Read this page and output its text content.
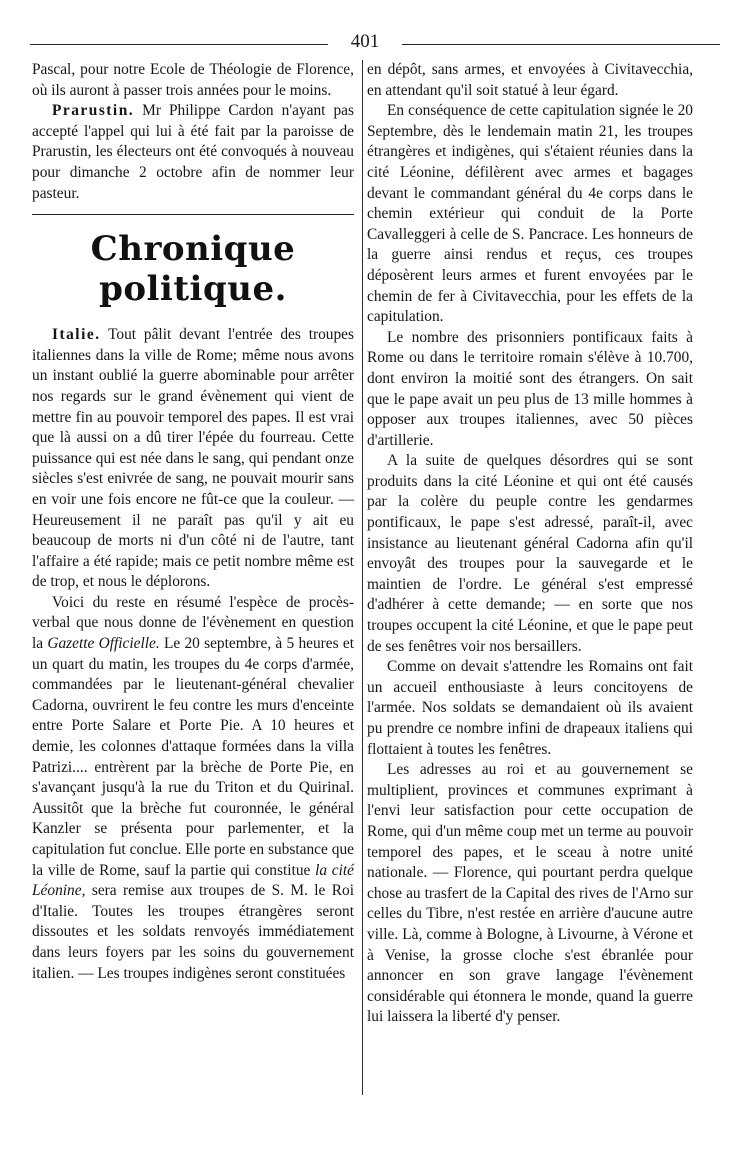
401

Pascal, pour notre Ecole de Théologie de Florence, où ils auront à passer trois années pour le moins.

Prarustin. Mr Philippe Cardon n'ayant pas accepté l'appel qui lui à été fait par la paroisse de Prarustin, les électeurs ont été convoqués à nouveau pour dimanche 2 octobre afin de nommer leur pasteur.

Chronique politique.

Italie. Tout pâlit devant l'entrée des troupes italiennes dans la ville de Rome; même nous avons un instant oublié la guerre abominable pour arrêter nos regards sur le grand évènement qui vient de mettre fin au pouvoir temporel des papes. Il est vrai que là aussi on a dû tirer l'épée du fourreau. Cette puissance qui est née dans le sang, qui pendant onze siècles s'est enivrée de sang, ne pouvait mourir sans en voir une fois encore ne fût-ce que la couleur. — Heureusement il ne paraît pas qu'il y ait eu beaucoup de morts ni d'un côté ni de l'autre, tant l'affaire a été rapide; mais ce petit nombre même est de trop, et nous le déplorons.

Voici du reste en résumé l'espèce de procès-verbal que nous donne de l'évènement en question la Gazette Officielle. Le 20 septembre, à 5 heures et un quart du matin, les troupes du 4e corps d'armée, commandées par le lieutenant-général chevalier Cadorna, ouvrirent le feu contre les murs d'enceinte entre Porte Salare et Porte Pie. A 10 heures et demie, les colonnes d'attaque formées dans la villa Patrizi.... entrèrent par la brèche de Porte Pie, en s'avançant jusqu'à la rue du Triton et du Quirinal. Aussitôt que la brèche fut couronnée, le général Kanzler se présenta pour parlementer, et la capitulation fut conclue. Elle porte en substance que la ville de Rome, sauf la partie qui constitue la cité Léonine, sera remise aux troupes de S. M. le Roi d'Italie. Toutes les troupes étrangères seront dissoutes et les soldats renvoyés immédiatement dans leurs foyers par les soins du gouvernement italien. — Les troupes indigènes seront constituées

en dépôt, sans armes, et envoyées à Civitavecchia, en attendant qu'il soit statué à leur égard.

En conséquence de cette capitulation signée le 20 Septembre, dès le lendemain matin 21, les troupes étrangères et indigènes, qui s'étaient réunies dans la cité Léonine, défilèrent avec armes et bagages devant le commandant général du 4e corps dans le chemin extérieur qui conduit de la Porte Cavalleggeri à celle de S. Pancrace. Les honneurs de la guerre ainsi rendus et reçus, ces troupes déposèrent leurs armes et furent envoyées par le chemin de fer à Civitavecchia, pour les effets de la capitulation.

Le nombre des prisonniers pontificaux faits à Rome ou dans le territoire romain s'élève à 10.700, dont environ la moitié sont des étrangers. On sait que le pape avait un peu plus de 13 mille hommes à opposer aux troupes italiennes, avec 50 pièces d'artillerie.

A la suite de quelques désordres qui se sont produits dans la cité Léonine et qui ont été causés par la colère du peuple contre les gendarmes pontificaux, le pape s'est adressé, paraît-il, avec insistance au lieutenant général Cadorna afin qu'il envoyât des troupes pour la sauvegarde et le maintien de l'ordre. Le général s'est empressé d'adhérer à cette demande; — en sorte que nos troupes occupent la cité Léonine, et que le pape peut de ses fenêtres voir nos bersaillers.

Comme on devait s'attendre les Romains ont fait un accueil enthousiaste à leurs concitoyens de l'armée. Nos soldats se demandaient où ils avaient pu prendre ce nombre infini de drapeaux italiens qui flottaient à toutes les fenêtres.

Les adresses au roi et au gouvernement se multiplient, provinces et communes exprimant à l'envi leur satisfaction pour cette occupation de Rome, qui d'un même coup met un terme au pouvoir temporel des papes, et le sceau à notre unité nationale. — Florence, qui pourtant perdra quelque chose au trasfert de la Capital des rives de l'Arno sur celles du Tibre, n'est restée en arrière d'aucune autre ville. Là, comme à Bologne, à Livourne, à Vérone et à Venise, la grosse cloche s'est ébranlée pour annoncer en son grave langage l'évènement considérable qui étonnera le monde, quand la guerre lui laissera la liberté d'y penser.
